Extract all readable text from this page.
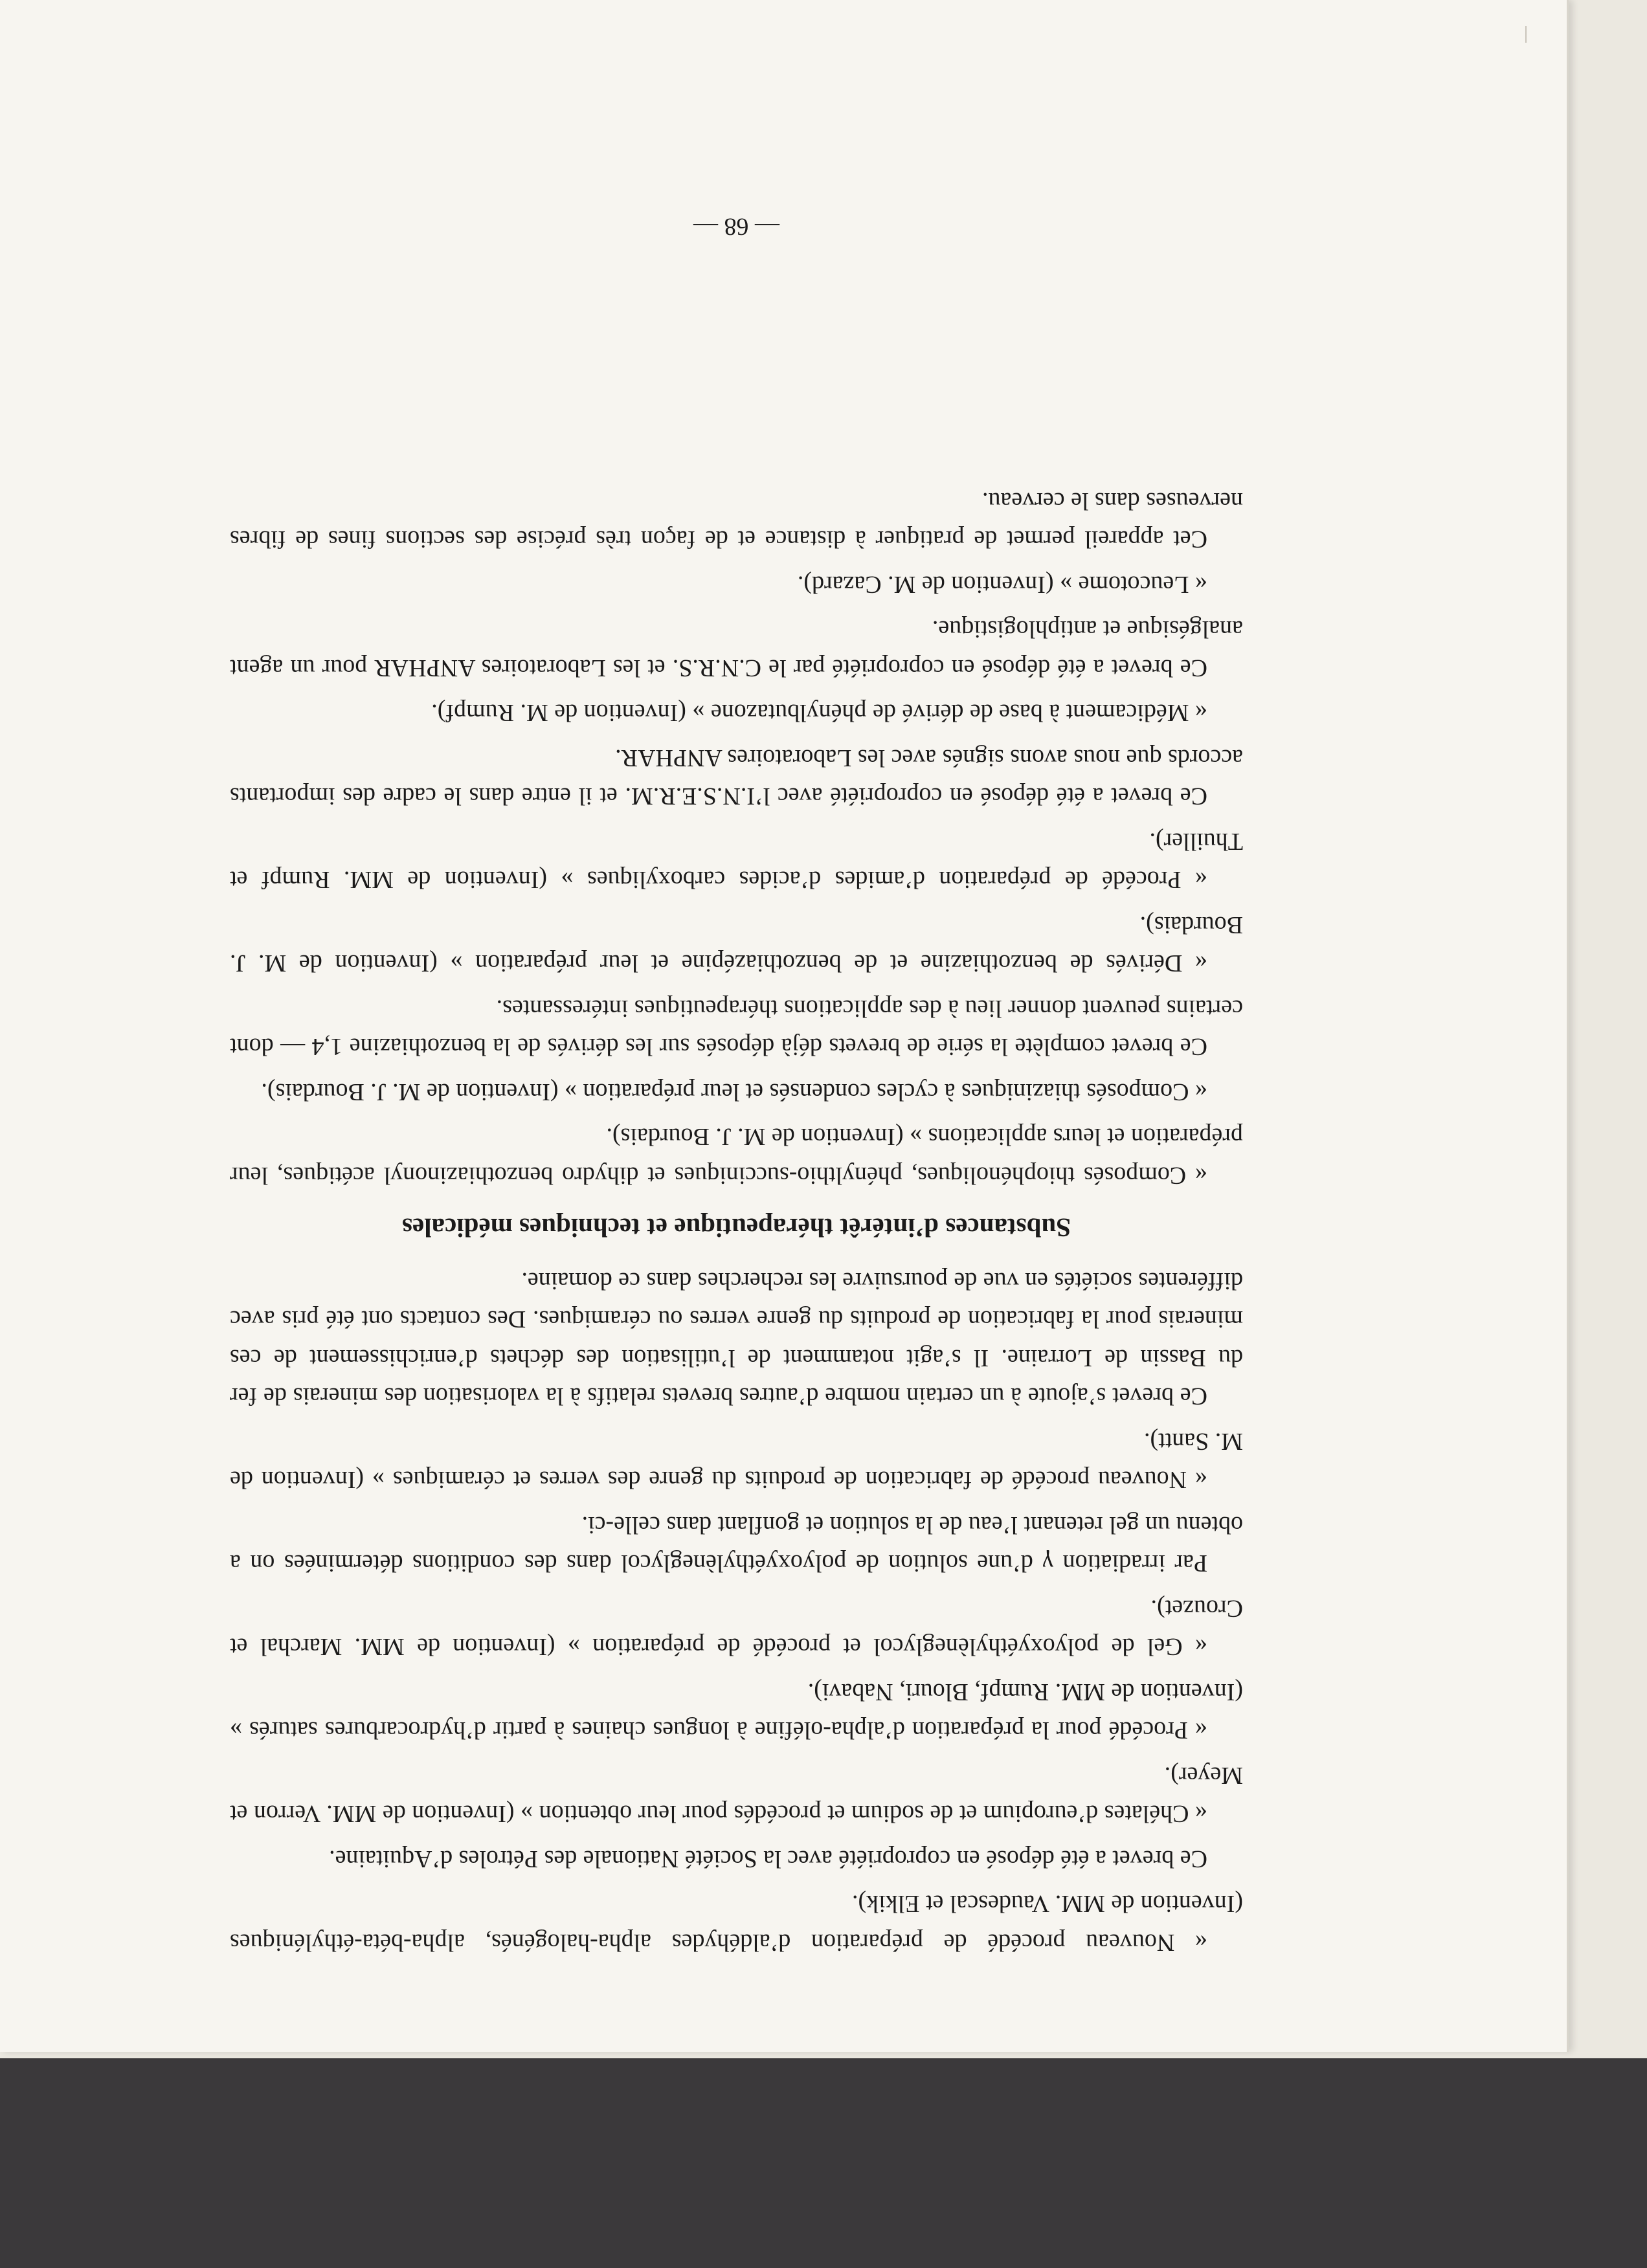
« Nouveau procédé de préparation d’aldéhydes alpha-halogénés, alpha-béta-éthyléniques (Invention de MM. Vaudescal et Elkik).

Ce brevet a été déposé en copropriété avec la Société Nationale des Pétroles d’Aquitaine.

« Chélates d’europium et de sodium et procédés pour leur obtention » (Invention de MM. Verron et Meyer).

« Procédé pour la préparation d’alpha-oléfine à longues chaines à partir d’hydrocarbures saturés » (Invention de MM. Rumpf, Blouri, Nabavi).

« Gel de polyoxyéthylèneglycol et procédé de préparation » (Invention de MM. Marchal et Crouzet).

Par irradiation γ d’une solution de polyoxyéthylèneglycol dans des conditions déterminées on a obtenu un gel retenant l’eau de la solution et gonflant dans celle-ci.

« Nouveau procédé de fabrication de produits du genre des verres et céramiques » (Invention de M. Santt).

Ce brevet s’ajoute à un certain nombre d’autres brevets relatifs à la valorisation des minerais de fer du Bassin de Lorraine. Il s’agit notamment de l’utilisation des déchets d’enrichissement de ces minerais pour la fabrication de produits du genre verres ou céramiques. Des contacts ont été pris avec différentes sociétés en vue de poursuivre les recherches dans ce domaine.

Substances d’intérêt thérapeutique et techniques médicales

« Composés thiophénoliques, phénylthio-succiniques et dihydro benzothiazinonyl acétiques, leur préparation et leurs applications » (Invention de M. J. Bourdais).

« Composés thiaziniques à cycles condensés et leur préparation » (Invention de M. J. Bourdais).

Ce brevet complète la série de brevets déjà déposés sur les dérivés de la benzothiazine 1,4 — dont certains peuvent donner lieu à des applications thérapeutiques intéressantes.

« Dérivés de benzothiazine et de benzothiazépine et leur préparation » (Invention de M. J. Bourdais).

« Procédé de préparation d’amides d’acides carboxyliques » (Invention de MM. Rumpf et Thuiller).

Ce brevet a été déposé en copropriété avec l’I.N.S.E.R.M. et il entre dans le cadre des importants accords que nous avons signés avec les Laboratoires ANPHAR.

« Médicament à base de dérivé de phénylbutazone » (Invention de M. Rumpf).

Ce brevet a été déposé en copropriété par le C.N.R.S. et les Laboratoires ANPHAR pour un agent analgésique et antiphlogistique.

« Leucotome » (Invention de M. Cazard).

Cet appareil permet de pratiquer à distance et de façon très précise des sections fines de fibres nerveuses dans le cerveau.

— 68 —
